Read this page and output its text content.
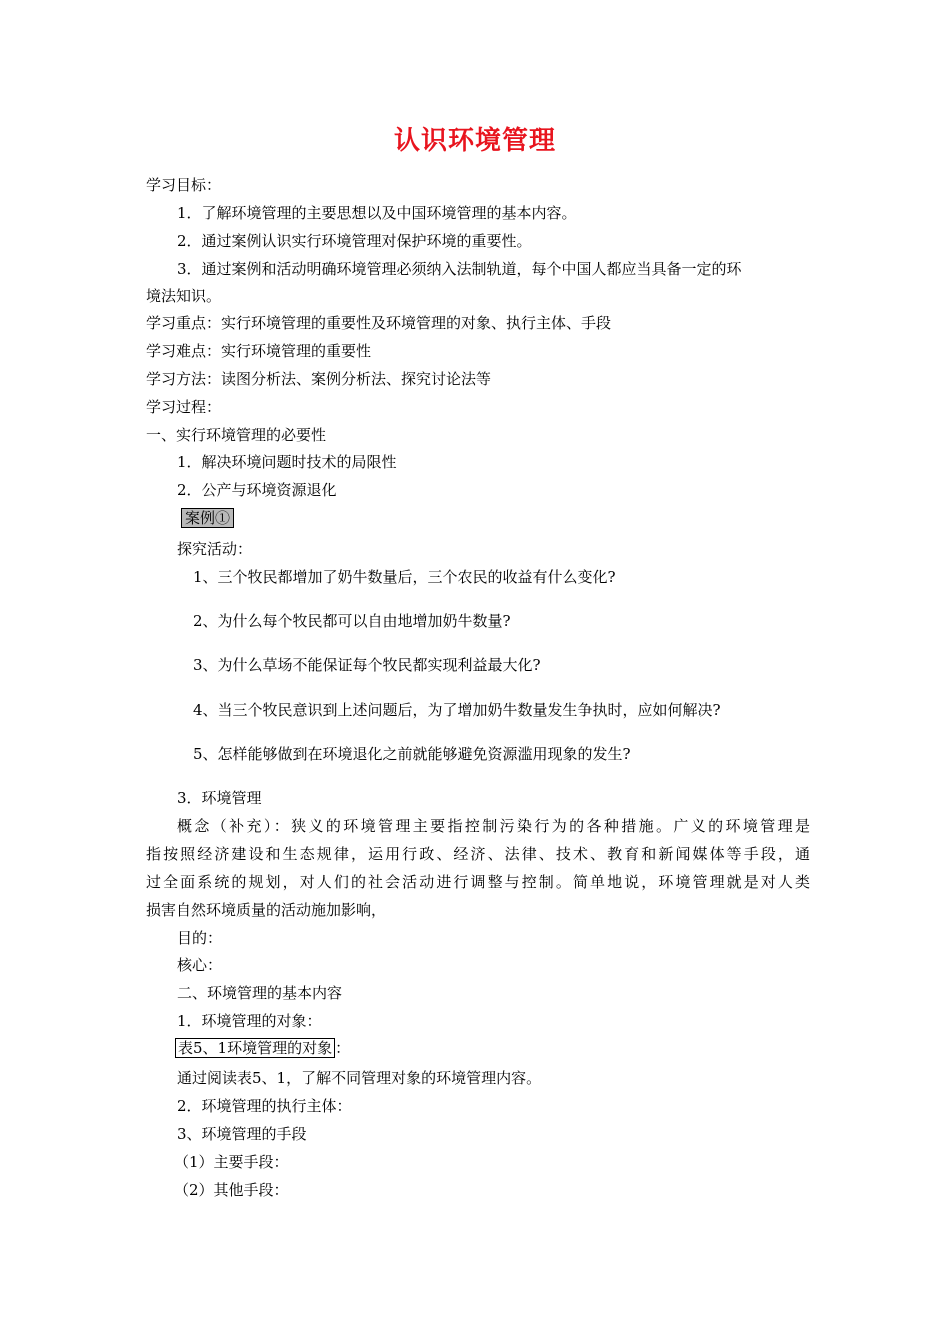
认识环境管理
学习目标：
1．了解环境管理的主要思想以及中国环境管理的基本内容。
2．通过案例认识实行环境管理对保护环境的重要性。
3．通过案例和活动明确环境管理必须纳入法制轨道，每个中国人都应当具备一定的环
境法知识。
学习重点：实行环境管理的重要性及环境管理的对象、执行主体、手段
学习难点：实行环境管理的重要性
学习方法：读图分析法、案例分析法、探究讨论法等
学习过程：
一、实行环境管理的必要性
1．解决环境问题时技术的局限性
2．公产与环境资源退化
案例①
探究活动：
1、三个牧民都增加了奶牛数量后，三个农民的收益有什么变化?
2、为什么每个牧民都可以自由地增加奶牛数量?
3、为什么草场不能保证每个牧民都实现利益最大化?
4、当三个牧民意识到上述问题后，为了增加奶牛数量发生争执时，应如何解决?
5、怎样能够做到在环境退化之前就能够避免资源滥用现象的发生?
3．环境管理
概念（补充）：狭义的环境管理主要指控制污染行为的各种措施。广义的环境管理是
指按照经济建设和生态规律，运用行政、经济、法律、技术、教育和新闻媒体等手段，通
过全面系统的规划，对人们的社会活动进行调整与控制。简单地说，环境管理就是对人类
损害自然环境质量的活动施加影响，
目的：
核心：
二、环境管理的基本内容
1．环境管理的对象：
表5、1环境管理的对象 ：
通过阅读表5、1，了解不同管理对象的环境管理内容。
2．环境管理的执行主体：
3、环境管理的手段
（1）主要手段：
（2）其他手段：
